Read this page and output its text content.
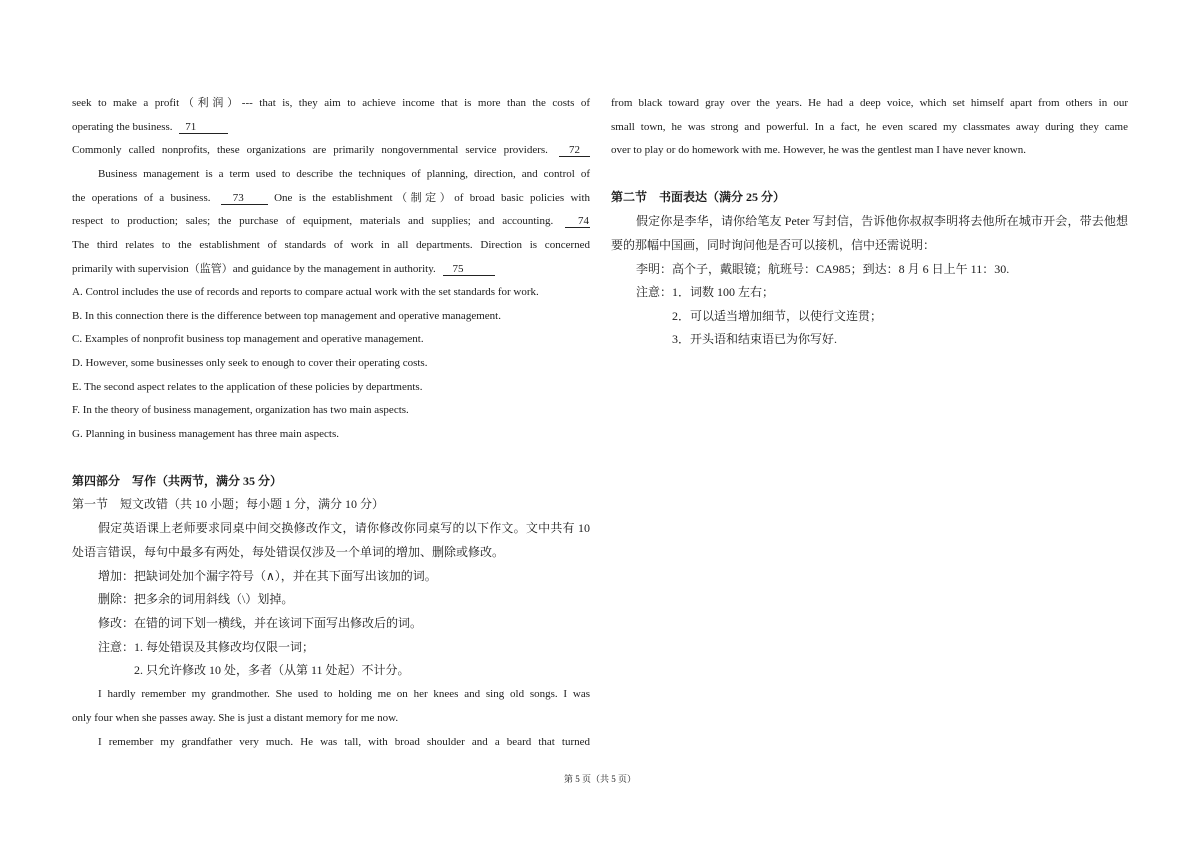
seek to make a profit（利润）--- that is, they aim to achieve income that is more than the costs of
operating the business. 71
Commonly called nonprofits, these organizations are primarily nongovernmental service providers. 72
Business management is a term used to describe the techniques of planning, direction, and control of
the operations of a business. 73	One is the establishment（制定）of broad basic policies with
respect to production; sales; the purchase of equipment, materials and supplies; and accounting. 74
The third relates to the establishment of standards of work in all departments. Direction is concerned
primarily with supervision（监管）and guidance by the management in authority. 75
A. Control includes the use of records and reports to compare actual work with the set standards for work.
B. In this connection there is the difference between top management and operative management.
C. Examples of nonprofit business top management and operative management.
D. However, some businesses only seek to enough to cover their operating costs.
E. The second aspect relates to the application of these policies by departments.
F. In the theory of business management, organization has two main aspects.
G. Planning in business management has three main aspects.
第四部分　写作（共两节，满分 35 分）
第一节　短文改错（共 10 小题；每小题 1 分，满分 10 分）
假定英语课上老师要求同桌中间交换修改作文，请你修改你同桌写的以下作文。文中共有 10
处语言错误，每句中最多有两处，每处错误仅涉及一个单词的增加、删除或修改。
增加：把缺词处加个漏字符号（∧），并在其下面写出该加的词。
删除：把多余的词用斜线（\）划掉。
修改：在错的词下划一横线，并在该词下面写出修改后的词。
注意：1. 每处错误及其修改均仅限一词；
2. 只允许修改 10 处，多者（从第 11 处起）不计分。
I hardly remember my grandmother. She used to holding me on her knees and sing old songs. I was
only four when she passes away. She is just a distant memory for me now.
I remember my grandfather very much. He was tall, with broad shoulder and a beard that turned
from black toward gray over the years. He had a deep voice, which set himself apart from others in our
small town, he was strong and powerful. In a fact, he even scared my classmates away during they came
over to play or do homework with me. However, he was the gentlest man I have never known.
第二节　书面表达（满分 25 分）
假定你是李华，请你给笔友 Peter 写封信，告诉他你叔叔李明将去他所在城市开会，带去他想
要的那幅中国画，同时询问他是否可以接机，信中还需说明：
李明：高个子，戴眼镜；航班号：CA985；到达：8 月 6 日上午 11：30.
注意：1．词数 100 左右；
2．可以适当增加细节，以使行文连贯；
3．开头语和结束语已为你写好.
第 5 页（共 5 页）
